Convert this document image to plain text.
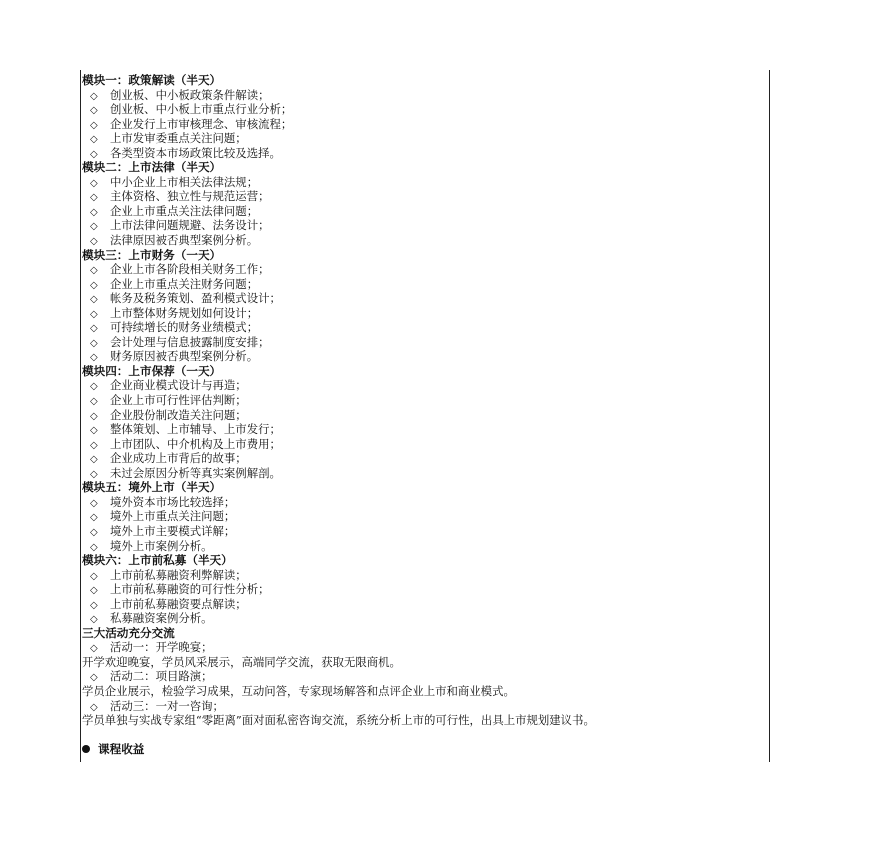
模块一：政策解读（半天）
◇ 创业板、中小板政策条件解读；
◇ 创业板、中小板上市重点行业分析；
◇ 企业发行上市审核理念、审核流程；
◇ 上市发审委重点关注问题；
◇ 各类型资本市场政策比较及选择。
模块二：上市法律（半天）
◇ 中小企业上市相关法律法规；
◇ 主体资格、独立性与规范运营；
◇ 企业上市重点关注法律问题；
◇ 上市法律问题规避、法务设计；
◇ 法律原因被否典型案例分析。
模块三：上市财务（一天）
◇ 企业上市各阶段相关财务工作；
◇ 企业上市重点关注财务问题；
◇ 帐务及税务策划、盈利模式设计；
◇ 上市整体财务规划如何设计；
◇ 可持续增长的财务业绩模式；
◇ 会计处理与信息披露制度安排；
◇ 财务原因被否典型案例分析。
模块四：上市保荐（一天）
◇ 企业商业模式设计与再造；
◇ 企业上市可行性评估判断；
◇ 企业股份制改造关注问题；
◇ 整体策划、上市辅导、上市发行；
◇ 上市团队、中介机构及上市费用；
◇ 企业成功上市背后的故事；
◇ 未过会原因分析等真实案例解剖。
模块五：境外上市（半天）
◇ 境外资本市场比较选择；
◇ 境外上市重点关注问题；
◇ 境外上市主要模式详解；
◇ 境外上市案例分析。
模块六：上市前私募（半天）
◇ 上市前私募融资利弊解读；
◇ 上市前私募融资的可行性分析；
◇ 上市前私募融资要点解读；
◇ 私募融资案例分析。
三大活动充分交流
◇ 活动一：开学晚宴；
开学欢迎晚宴，学员风采展示，高端同学交流，获取无限商机。
◇ 活动二：项目路演；
学员企业展示，检验学习成果，互动问答，专家现场解答和点评企业上市和商业模式。
◇ 活动三：一对一咨询；
学员单独与实战专家组“零距离”面对面私密咨询交流，系统分析上市的可行性，出具上市规划建议书。
课程收益
